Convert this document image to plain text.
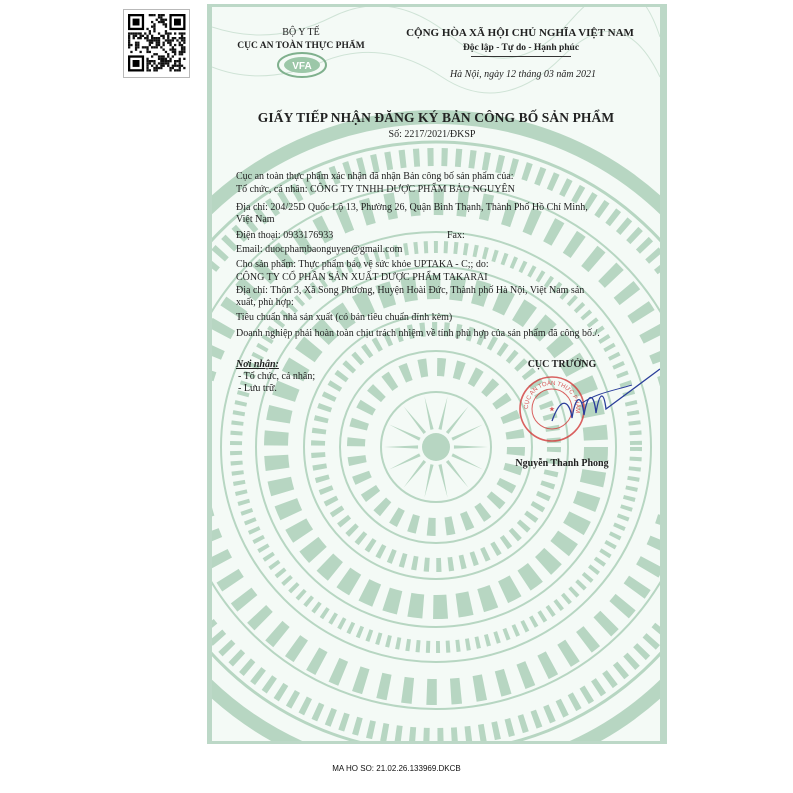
BỘ Y TẾ
CỤC AN TOÀN THỰC PHẨM
VFA
CỘNG HÒA XÃ HỘI CHỦ NGHĨA VIỆT NAM
Độc lập - Tự do - Hạnh phúc
Hà Nội, ngày 12 tháng 03 năm 2021
GIẤY TIẾP NHẬN ĐĂNG KÝ BẢN CÔNG BỐ SẢN PHẨM
Số: 2217/2021/ĐKSP
Cục an toàn thực phẩm xác nhận đã nhận Bản công bố sản phẩm của:
Tổ chức, cá nhân: CÔNG TY TNHH DƯỢC PHẨM BẢO NGUYÊN
Địa chỉ: 204/25D Quốc Lộ 13, Phường 26, Quận Bình Thạnh, Thành Phố Hồ Chí Minh,
Việt Nam
Điện thoại: 0933176933	Fax:
Email: duocphambaonguyen@gmail.com
Cho sản phẩm: Thực phẩm bảo vệ sức khỏe UPTAKA - C;; do:
CÔNG TY CỔ PHẦN SẢN XUẤT DƯỢC PHẨM TAKARAI
Địa chỉ: Thôn 3, Xã Song Phương, Huyện Hoài Đức, Thành phố Hà Nội, Việt Nam sản
xuất, phù hợp:
Tiêu chuẩn nhà sản xuất (có bản tiêu chuẩn đính kèm)
Doanh nghiệp phải hoàn toàn chịu trách nhiệm về tính phù hợp của sản phẩm đã công bố./.
Nơi nhận:
- Tổ chức, cá nhân;
- Lưu trữ.
CỤC TRƯỞNG
CỤC AN TOÀN THỰC PHẨM
★
Nguyễn Thanh Phong
MA HO SO: 21.02.26.133969.DKCB
